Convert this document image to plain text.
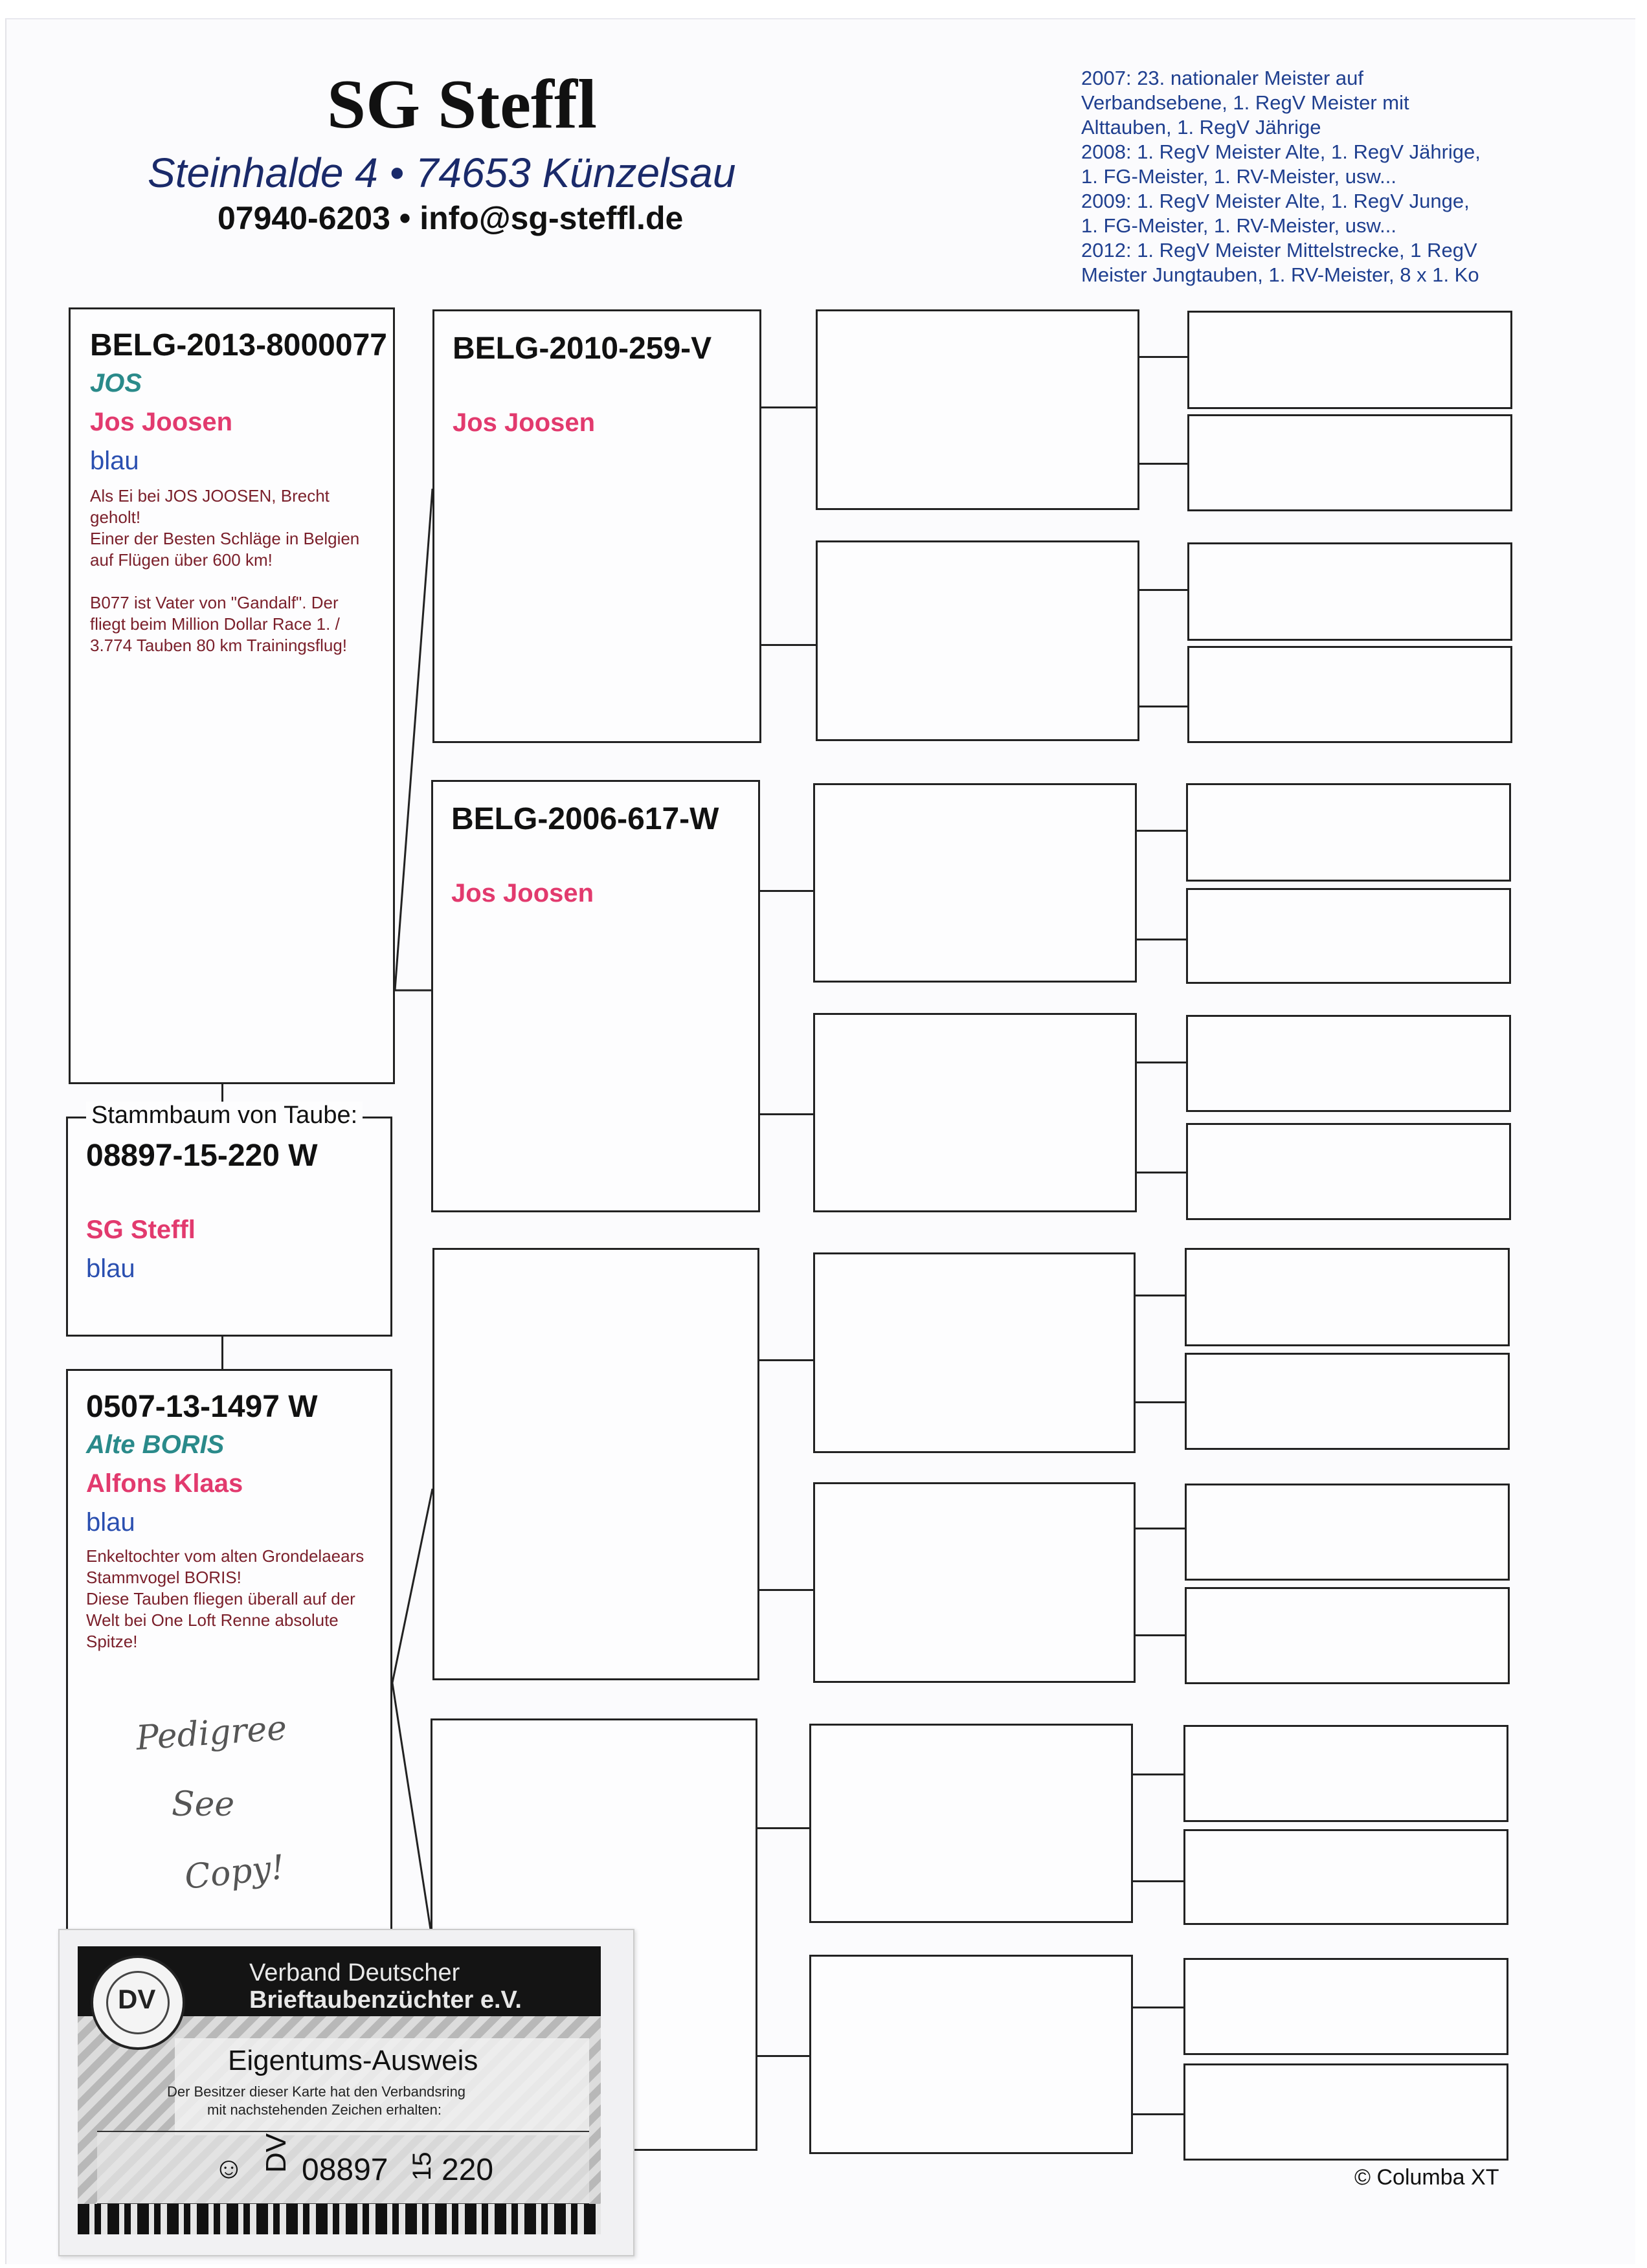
SG Steffl
Steinhalde 4 • 74653 Künzelsau
07940-6203 • info@sg-steffl.de
2007: 23. nationaler Meister auf
Verbandsebene, 1. RegV Meister mit
Alttauben, 1. RegV Jährige
2008: 1. RegV Meister Alte, 1. RegV Jährige,
1. FG-Meister, 1. RV-Meister, usw...
2009: 1. RegV Meister Alte, 1. RegV Junge,
1. FG-Meister, 1. RV-Meister, usw...
2012: 1. RegV Meister Mittelstrecke, 1 RegV
Meister Jungtauben, 1. RV-Meister, 8 x 1. Ko
BELG-2013-8000077
JOS
Jos Joosen
blau
Als Ei bei JOS JOOSEN, Brecht
geholt!
Einer der Besten Schläge in Belgien
auf Flügen über 600 km!
B077 ist Vater von "Gandalf". Der
fliegt beim Million Dollar Race 1. /
3.774 Tauben 80 km Trainingsflug!
Stammbaum von Taube:
08897-15-220 W
SG Steffl
blau
0507-13-1497 W
Alte BORIS
Alfons Klaas
blau
Enkeltochter vom alten Grondelaears
Stammvogel BORIS!
Diese Tauben fliegen überall auf der
Welt bei One Loft Renne absolute
Spitze!
Pedigree
See
Copy!
BELG-2010-259-V
Jos Joosen
BELG-2006-617-W
Jos Joosen
DV
Verband Deutscher
Brieftaubenzüchter e.V.
Eigentums-Ausweis
Der Besitzer dieser Karte hat den Verbandsring
mit nachstehenden Zeichen erhalten:
☺ DV 08897 15 220	© Columba XT
